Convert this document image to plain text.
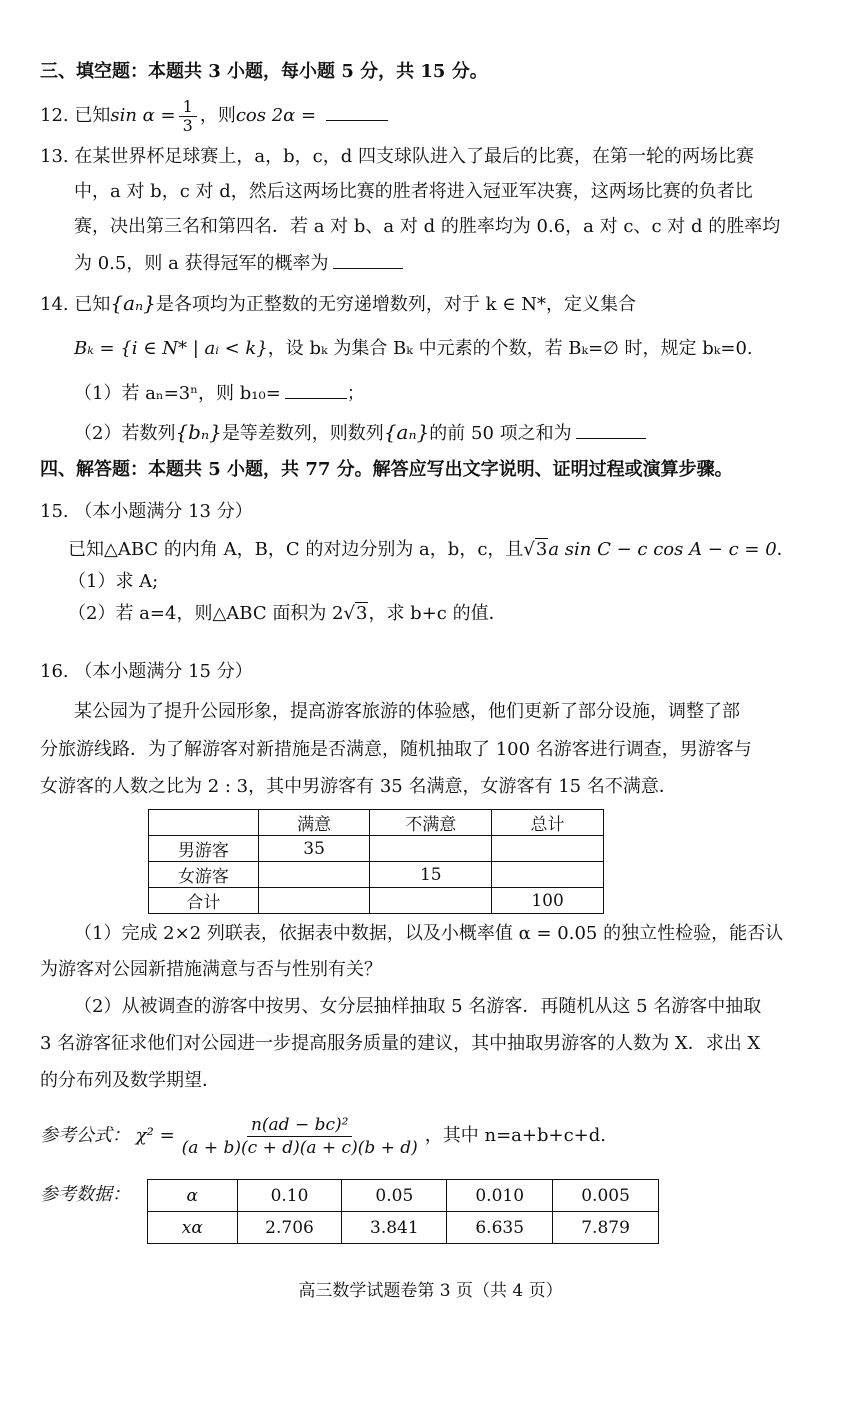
三、填空题：本题共 3 小题，每小题 5 分，共 15 分。
12. 已知$\sin \alpha = \frac{1}{3}$ ，则cos 2α =
13. 在某世界杯足球赛上，a，b，c，d 四支球队进入了最后的比赛，在第一轮的两场比赛
中，a 对 b，c 对 d，然后这两场比赛的胜者将进入冠亚军决赛，这两场比赛的负者比
赛，决出第三名和第四名．若 a 对 b、a 对 d 的胜率均为 0.6，a 对 c、c 对 d 的胜率均
为 0.5，则 a 获得冠军的概率为
14. 已知{aₙ}是各项均为正整数的无穷递增数列，对于 k ∈ N*，定义集合
Bₖ = {i ∈ N* | aᵢ < k}，设 bₖ 为集合 Bₖ 中元素的个数，若 Bₖ=∅ 时，规定 bₖ=0.
（1）若 aₙ=3ⁿ，则 b₁₀=	；
（2）若数列{bₙ}是等差数列，则数列{aₙ}的前 50 项之和为
四、解答题：本题共 5 小题，共 77 分。解答应写出文字说明、证明过程或演算步骤。
15. （本小题满分 13 分）
已知△ABC 的内角 A，B，C 的对边分别为 a，b，c，且√3a sin C − c cos A − c = 0．
（1）求 A;
（2）若 a=4，则△ABC 面积为 2√3，求 b+c 的值．
16. （本小题满分 15 分）
某公园为了提升公园形象，提高游客旅游的体验感，他们更新了部分设施，调整了部
分旅游线路．为了解游客对新措施是否满意，随机抽取了 100 名游客进行调查，男游客与
女游客的人数之比为 2 : 3，其中男游客有 35 名满意，女游客有 15 名不满意．
	满意	不满意	总计
男游客	35		
女游客		15	
合计			100
（1）完成 2×2 列联表，依据表中数据，以及小概率值 α = 0.05 的独立性检验，能否认
为游客对公园新措施满意与否与性别有关？
（2）从被调查的游客中按男、女分层抽样抽取 5 名游客．再随机从这 5 名游客中抽取
3 名游客征求他们对公园进一步提高服务质量的建议，其中抽取男游客的人数为 X．求出 X
的分布列及数学期望．
参考公式： $\chi^2 = \frac{\text{n(ad − bc)²}}{(a + b)(c + d)(a + c)(b + d)}$ ，其中 n=a+b+c+d.
参考数据：	α	0.10	0.05	0.010	0.005
xα	2.706	3.841	6.635	7.879
高三数学试题卷第 3 页（共 4 页）
